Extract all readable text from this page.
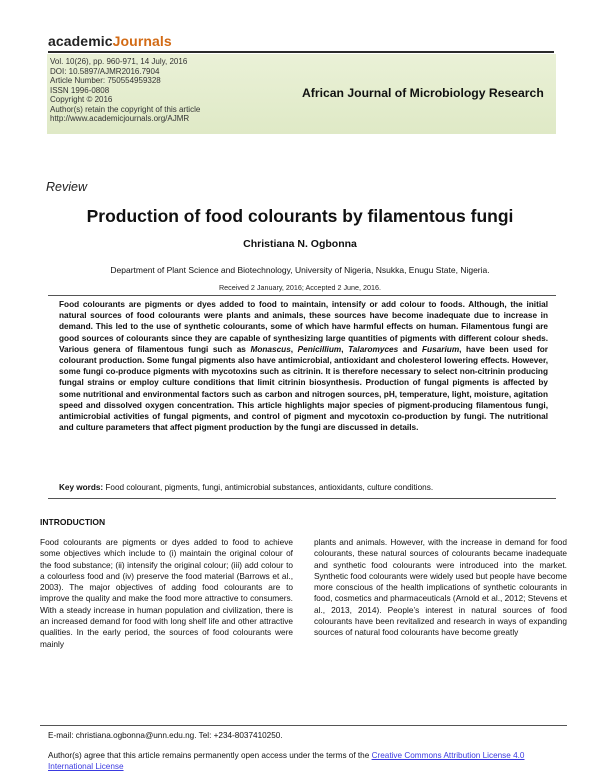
academicJournals
Vol. 10(26), pp. 960-971, 14 July, 2016
DOI: 10.5897/AJMR2016.7904
Article Number: 750554959328
ISSN 1996-0808
Copyright © 2016
Author(s) retain the copyright of this article
http://www.academicjournals.org/AJMR
African Journal of Microbiology Research
Review
Production of food colourants by filamentous fungi
Christiana N. Ogbonna
Department of Plant Science and Biotechnology, University of Nigeria, Nsukka, Enugu State, Nigeria.
Received 2 January, 2016; Accepted 2 June, 2016.
Food colourants are pigments or dyes added to food to maintain, intensify or add colour to foods. Although, the initial natural sources of food colourants were plants and animals, these sources have become inadequate due to increase in demand. This led to the use of synthetic colourants, some of which have harmful effects on human. Filamentous fungi are good sources of colourants since they are capable of synthesizing large quantities of pigments with different colour sheds. Various genera of filamentous fungi such as Monascus, Penicillium, Talaromyces and Fusarium, have been used for colourant production. Some fungal pigments also have antimicrobial, antioxidant and cholesterol lowering effects. However, some fungi co-produce pigments with mycotoxins such as citrinin. It is therefore necessary to select non-citrinin producing fungal strains or employ culture conditions that limit citrinin biosynthesis. Production of fungal pigments is affected by some nutritional and environmental factors such as carbon and nitrogen sources, pH, temperature, light, moisture, agitation speed and dissolved oxygen concentration. This article highlights major species of pigment-producing filamentous fungi, antimicrobial activities of fungal pigments, and control of pigment and mycotoxin co-production by fungi. The nutritional and culture parameters that affect pigment production by the fungi are discussed in details.
Key words: Food colourant, pigments, fungi, antimicrobial substances, antioxidants, culture conditions.
INTRODUCTION
Food colourants are pigments or dyes added to food to achieve some objectives which include to (i) maintain the original colour of the food substance; (ii) intensify the original colour; (iii) add colour to a colourless food and (iv) preserve the food material (Barrows et al., 2003). The major objectives of adding food colourants are to improve the quality and make the food more attractive to consumers. With a steady increase in human population and civilization, there is an increased demand for food with long shelf life and other attractive qualities. In the early period, the sources of food colourants were mainly
plants and animals. However, with the increase in demand for food colourants, these natural sources of colourants became inadequate and synthetic food colourants were introduced into the market. Synthetic food colourants were widely used but people have become more conscious of the health implications of synthetic colourants in food, cosmetics and pharmaceuticals (Arnold et al., 2012; Stevens et al., 2013, 2014). People’s interest in natural sources of food colourants have been revitalized and research in ways of expanding sources of natural food colourants have become greatly
E-mail: christiana.ogbonna@unn.edu.ng. Tel: +234-8037410250.
Author(s) agree that this article remains permanently open access under the terms of the Creative Commons Attribution License 4.0 International License
